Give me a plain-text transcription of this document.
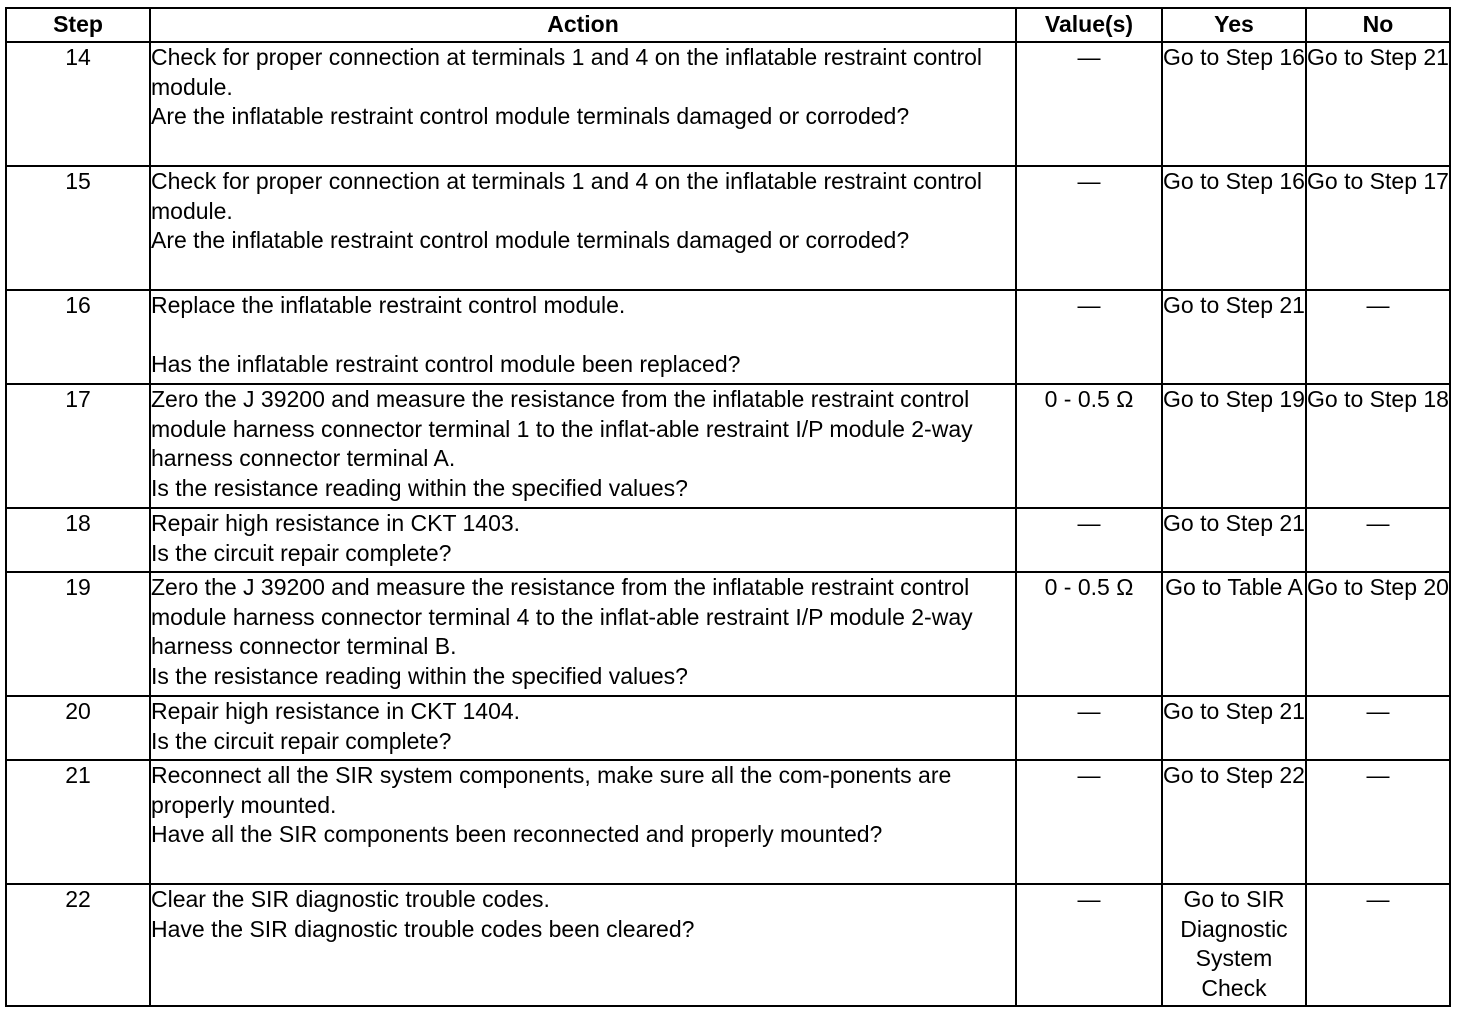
Step	Action	Value(s)	Yes	No
14	Check for proper connection at terminals 1 and 4 on the inflatable restraint control module.
Are the inflatable restraint control module terminals damaged or corroded?	—	Go to Step 16	Go to Step 21
15	Check for proper connection at terminals 1 and 4 on the inflatable restraint control module.
Are the inflatable restraint control module terminals damaged or corroded?	—	Go to Step 16	Go to Step 17
16	Replace the inflatable restraint control module.
Has the inflatable restraint control module been replaced?	—	Go to Step 21	—
17	Zero the J 39200 and measure the resistance from the inflatable restraint control module harness connector terminal 1 to the inflat-able restraint I/P module 2-way harness connector terminal A.
Is the resistance reading within the specified values?	0 - 0.5 Ω	Go to Step 19	Go to Step 18
18	Repair high resistance in CKT 1403.
Is the circuit repair complete?	—	Go to Step 21	—
19	Zero the J 39200 and measure the resistance from the inflatable restraint control module harness connector terminal 4 to the inflat-able restraint I/P module 2-way harness connector terminal B.
Is the resistance reading within the specified values?	0 - 0.5 Ω	Go to Table A	Go to Step 20
20	Repair high resistance in CKT 1404.
Is the circuit repair complete?	—	Go to Step 21	—
21	Reconnect all the SIR system components, make sure all the com-ponents are properly mounted.
Have all the SIR components been reconnected and properly mounted?	—	Go to Step 22	—
22	Clear the SIR diagnostic trouble codes.
Have the SIR diagnostic trouble codes been cleared?	—	Go to SIR Diagnostic System Check	—
